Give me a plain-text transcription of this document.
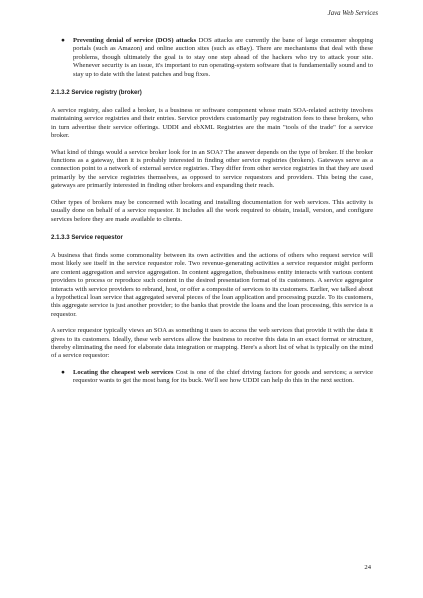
Java Web Services
●	Preventing denial of service (DOS) attacks DOS attacks are currently the bane of large consumer shopping portals (such as Amazon) and online auction sites (such as eBay). There are mechanisms that deal with these problems, though ultimately the goal is to stay one step ahead of the hackers who try to attack your site. Whenever security is an issue, it's important to run operating-system software that is fundamentally sound and to stay up to date with the latest patches and bug fixes.
2.1.3.2 Service registry (broker)

A service registry, also called a broker, is a business or software component whose main SOA-related activity involves maintaining service registries and their entries. Service providers customarily pay registration fees to these brokers, who in turn advertise their service offerings. UDDI and ebXML Registries are the main "tools of the trade" for a service broker.

What kind of things would a service broker look for in an SOA? The answer depends on the type of broker. If the broker functions as a gateway, then it is probably interested in finding other service registries (brokers). Gateways serve as a connection point to a network of external service registries. They differ from other service registries in that they are used primarily by the service registries themselves, as opposed to service requestors and providers. This being the case, gateways are primarily interested in finding other brokers and expanding their reach.

Other types of brokers may be concerned with locating and installing documentation for web services. This activity is usually done on behalf of a service requestor. It includes all the work required to obtain, install, version, and configure services before they are made available to clients.

2.1.3.3 Service requestor

A business that finds some commonality between its own activities and the actions of others who request service will most likely see itself in the service requestor role. Two revenue-generating activities a service requestor might perform are content aggregation and service aggregation. In content aggregation, thebusiness entity interacts with various content providers to process or reproduce such content in the desired presentation format of its customers. A service aggregator interacts with service providers to rebrand, host, or offer a composite of services to its customers. Earlier, we talked about a hypothetical loan service that aggregated several pieces of the loan application and processing puzzle. To its customers, this aggregate service is just another provider; to the banks that provide the loans and the loan processing, this service is a requestor.

A service requestor typically views an SOA as something it uses to access the web services that provide it with the data it gives to its customers. Ideally, these web services allow the business to receive this data in an exact format or structure, thereby eliminating the need for elaborate data integration or mapping. Here's a short list of what is typically on the mind of a service requestor:

●	Locating the cheapest web services Cost is one of the chief driving factors for goods and services; a service requestor wants to get the most bang for its buck. We'll see how UDDI can help do this in the next section.
24
